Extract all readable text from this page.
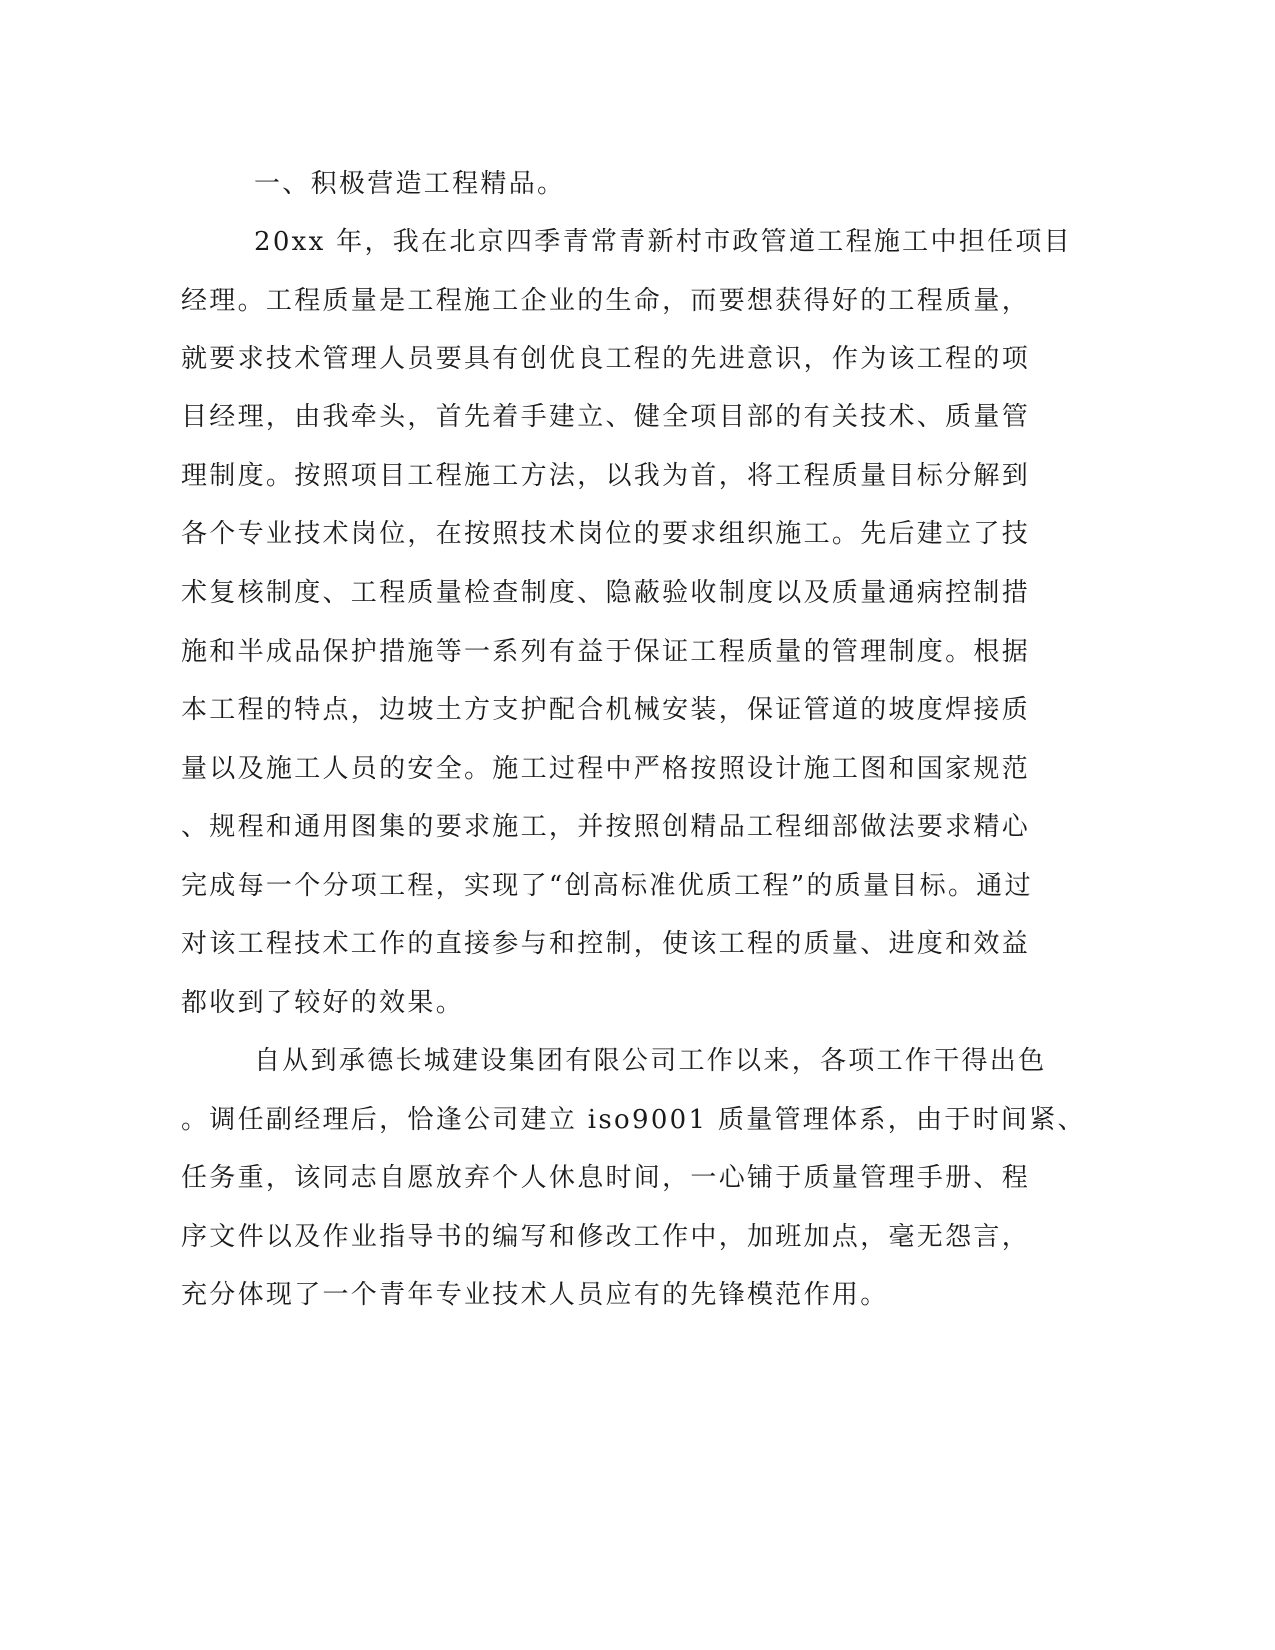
一、积极营造工程精品。
20xx 年，我在北京四季青常青新村市政管道工程施工中担任项目
经理。工程质量是工程施工企业的生命，而要想获得好的工程质量，
就要求技术管理人员要具有创优良工程的先进意识，作为该工程的项
目经理，由我牵头，首先着手建立、健全项目部的有关技术、质量管
理制度。按照项目工程施工方法，以我为首，将工程质量目标分解到
各个专业技术岗位，在按照技术岗位的要求组织施工。先后建立了技
术复核制度、工程质量检查制度、隐蔽验收制度以及质量通病控制措
施和半成品保护措施等一系列有益于保证工程质量的管理制度。根据
本工程的特点，边坡土方支护配合机械安装，保证管道的坡度焊接质
量以及施工人员的安全。施工过程中严格按照设计施工图和国家规范
、规程和通用图集的要求施工，并按照创精品工程细部做法要求精心
完成每一个分项工程，实现了“创高标准优质工程”的质量目标。通过
对该工程技术工作的直接参与和控制，使该工程的质量、进度和效益
都收到了较好的效果。
自从到承德长城建设集团有限公司工作以来，各项工作干得出色
。调任副经理后，恰逢公司建立 iso9001 质量管理体系，由于时间紧、
任务重，该同志自愿放弃个人休息时间，一心铺于质量管理手册、程
序文件以及作业指导书的编写和修改工作中，加班加点，毫无怨言，
充分体现了一个青年专业技术人员应有的先锋模范作用。
